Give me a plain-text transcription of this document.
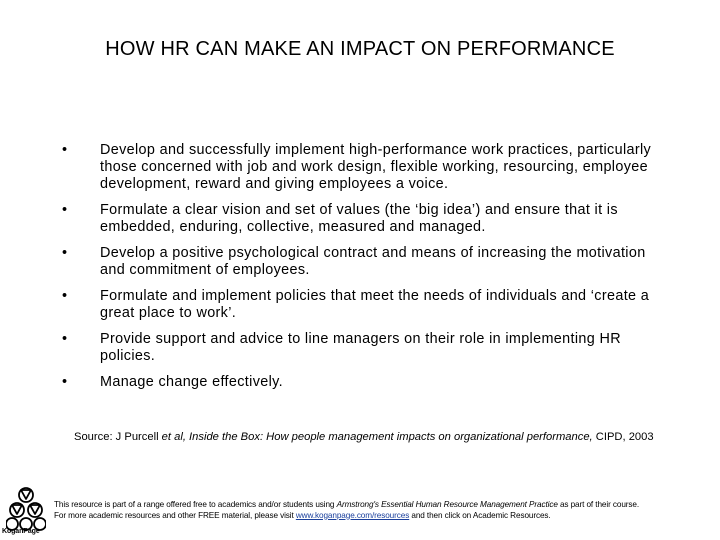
HOW HR CAN MAKE AN IMPACT ON PERFORMANCE
• Develop and successfully implement high-performance work practices, particularly those concerned with job and work design, flexible working, resourcing, employee development, reward and giving employees a voice.
• Formulate a clear vision and set of values (the ‘big idea’) and ensure that it is embedded, enduring, collective, measured and managed.
• Develop a positive psychological contract and means of increasing the motivation and commitment of employees.
• Formulate and implement policies that meet the needs of individuals and ‘create a great place to work’.
• Provide support and advice to line managers on their role in implementing HR policies.
• Manage change effectively.
Source: J Purcell et al, Inside the Box: How people management impacts on organizational performance, CIPD, 2003
KoganPage
This resource is part of a range offered free to academics and/or students using Armstrong's Essential Human Resource Management Practice as part of their course.
For more academic resources and other FREE material, please visit www.koganpage.com/resources and then click on Academic Resources.
